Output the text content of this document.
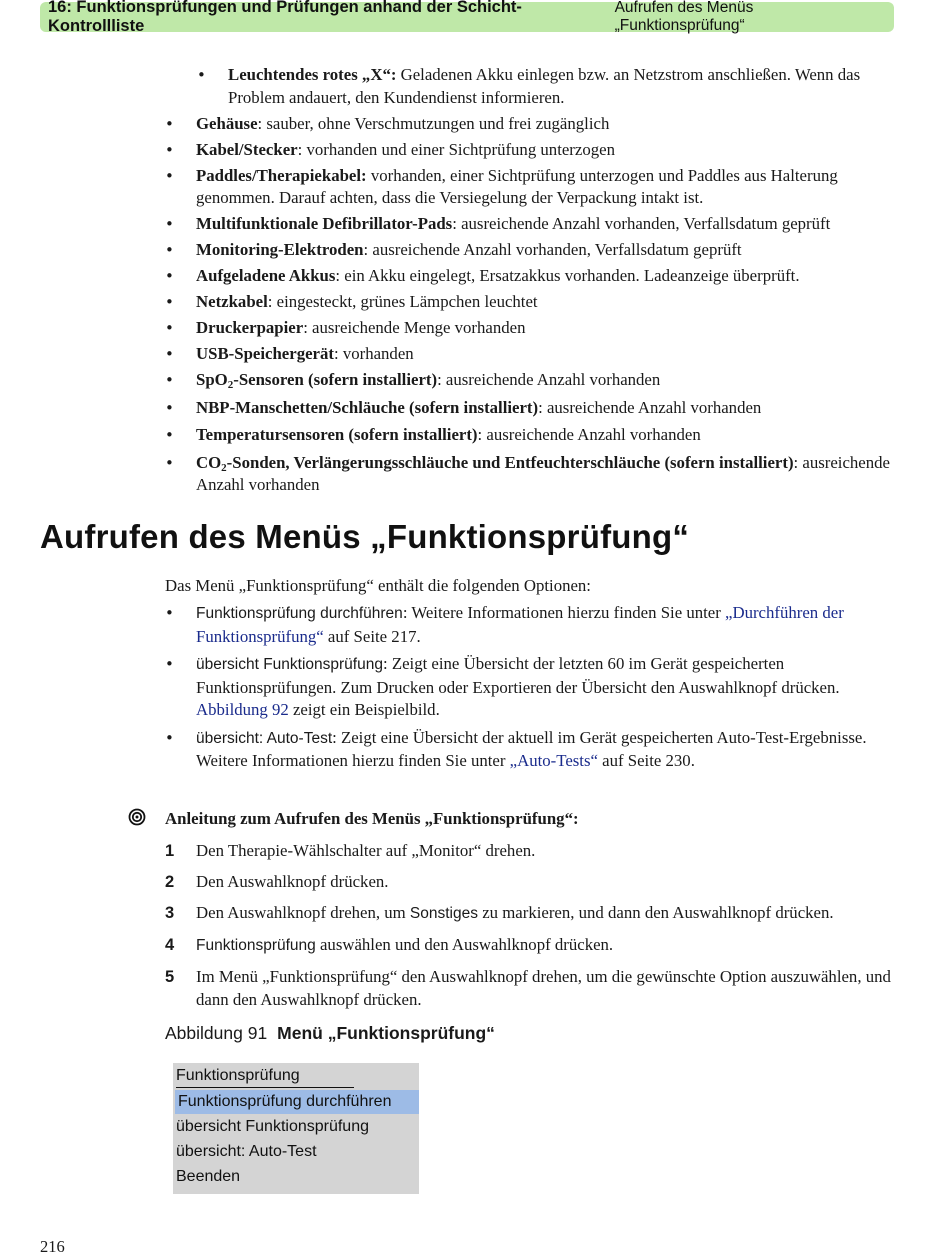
16: Funktionsprüfungen und Prüfungen anhand der Schicht-Kontrollliste
Aufrufen des Menüs „Funktionsprüfung“
• Leuchtendes rotes „X“: Geladenen Akku einlegen bzw. an Netzstrom anschließen. Wenn das Problem andauert, den Kundendienst informieren.
• Gehäuse: sauber, ohne Verschmutzungen und frei zugänglich
• Kabel/Stecker: vorhanden und einer Sichtprüfung unterzogen
• Paddles/Therapiekabel: vorhanden, einer Sichtprüfung unterzogen und Paddles aus Halterung genommen. Darauf achten, dass die Versiegelung der Verpackung intakt ist.
• Multifunktionale Defibrillator-Pads: ausreichende Anzahl vorhanden, Verfallsdatum geprüft
• Monitoring-Elektroden: ausreichende Anzahl vorhanden, Verfallsdatum geprüft
• Aufgeladene Akkus: ein Akku eingelegt, Ersatzakkus vorhanden. Ladeanzeige überprüft.
• Netzkabel: eingesteckt, grünes Lämpchen leuchtet
• Druckerpapier: ausreichende Menge vorhanden
• USB-Speichergerät: vorhanden
• SpO$_2$-Sensoren (sofern installiert): ausreichende Anzahl vorhanden
• NBP-Manschetten/Schläuche (sofern installiert): ausreichende Anzahl vorhanden
• Temperatursensoren (sofern installiert): ausreichende Anzahl vorhanden
• $CO_2$-Sonden, Verlängerungsschläuche und Entfeuchterschläuche (sofern installiert): ausreichende Anzahl vorhanden
Aufrufen des Menüs „Funktionsprüfung“
Das Menü „Funktionsprüfung“ enthält die folgenden Optionen:
• Funktionsprüfung durchführen: Weitere Informationen hierzu finden Sie unter „Durchführen der Funktionsprüfung“ auf Seite 217.
• übersicht Funktionsprüfung: Zeigt eine Übersicht der letzten 60 im Gerät gespeicherten Funktionsprüfungen. Zum Drucken oder Exportieren der Übersicht den Auswahlknopf drücken. Abbildung 92 zeigt ein Beispielbild.
• übersicht: Auto-Test: Zeigt eine Übersicht der aktuell im Gerät gespeicherten Auto-Test-Ergebnisse. Weitere Informationen hierzu finden Sie unter „Auto-Tests“ auf Seite 230.
Anleitung zum Aufrufen des Menüs „Funktionsprüfung“:
1 Den Therapie-Wählschalter auf „Monitor“ drehen.
2 Den Auswahlknopf drücken.
3 Den Auswahlknopf drehen, um Sonstiges zu markieren, und dann den Auswahlknopf drücken.
4 Funktionsprüfung auswählen und den Auswahlknopf drücken.
5 Im Menü „Funktionsprüfung“ den Auswahlknopf drehen, um die gewünschte Option auszuwählen, und dann den Auswahlknopf drücken.
Abbildung 91 Menü „Funktionsprüfung“
Funktionsprüfung
Funktionsprüfung durchführen
übersicht Funktionsprüfung
übersicht: Auto-Test
Beenden
216
